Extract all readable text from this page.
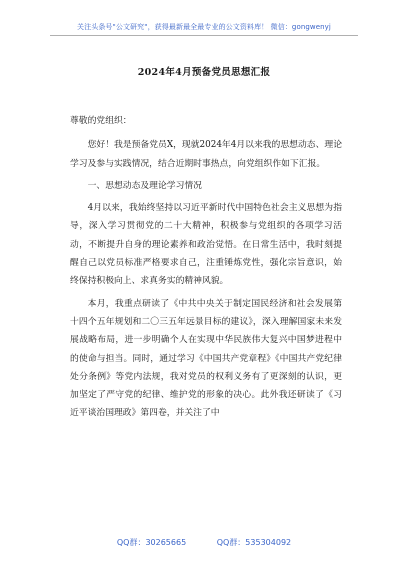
关注头条号"公文研究"，获得最新最全最专业的公文资料库！ 微信：gongwenyj
2024年4月预备党员思想汇报

尊敬的党组织：

您好！我是预备党员X，现就2024年4月以来我的思想动态、理论学习及参与实践情况，结合近期时事热点，向党组织作如下汇报。

一、思想动态及理论学习情况

4月以来，我始终坚持以习近平新时代中国特色社会主义思想为指导，深入学习贯彻党的二十大精神，积极参与党组织的各项学习活动，不断提升自身的理论素养和政治觉悟。在日常生活中，我时刻提醒自己以党员标准严格要求自己，注重锤炼党性，强化宗旨意识，始终保持积极向上、求真务实的精神风貌。

本月，我重点研读了《中共中央关于制定国民经济和社会发展第十四个五年规划和二〇三五年远景目标的建议》，深入理解国家未来发展战略布局，进一步明确个人在实现中华民族伟大复兴中国梦进程中的使命与担当。同时，通过学习《中国共产党章程》《中国共产党纪律处分条例》等党内法规，我对党员的权利义务有了更深刻的认识，更加坚定了严守党的纪律、维护党的形象的决心。此外我还研读了《习近平谈治国理政》第四卷，并关注了中

QQ群：30265665	QQ群：535304092
